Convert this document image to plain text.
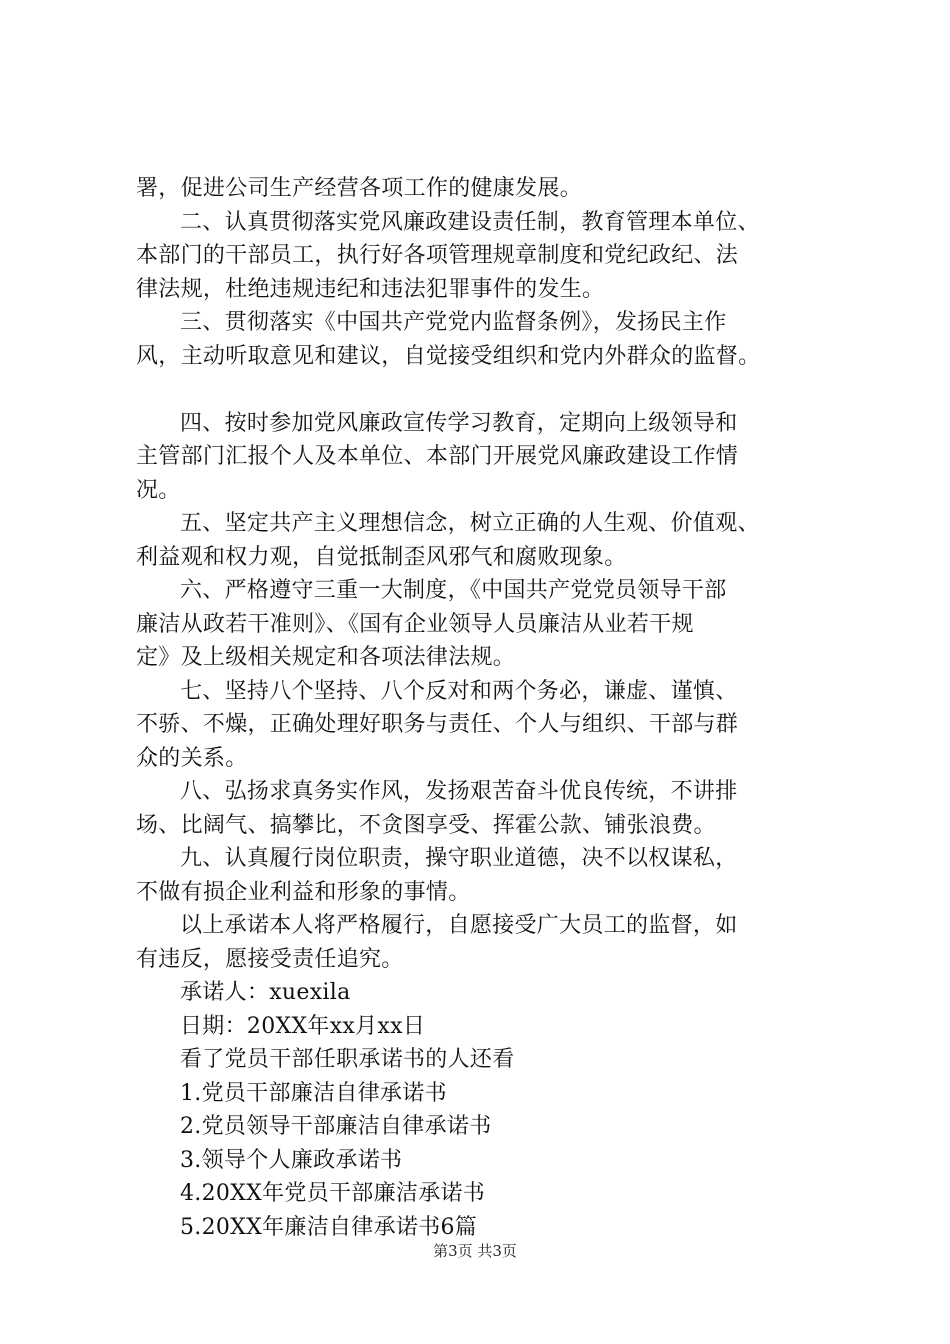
署，促进公司生产经营各项工作的健康发展。
二、认真贯彻落实党风廉政建设责任制，教育管理本单位、
本部门的干部员工，执行好各项管理规章制度和党纪政纪、法
律法规，杜绝违规违纪和违法犯罪事件的发生。
三、贯彻落实《中国共产党党内监督条例》，发扬民主作
风，主动听取意见和建议，自觉接受组织和党内外群众的监督。
四、按时参加党风廉政宣传学习教育，定期向上级领导和
主管部门汇报个人及本单位、本部门开展党风廉政建设工作情
况。
五、坚定共产主义理想信念，树立正确的人生观、价值观、
利益观和权力观，自觉抵制歪风邪气和腐败现象。
六、严格遵守三重一大制度，《中国共产党党员领导干部
廉洁从政若干准则》、《国有企业领导人员廉洁从业若干规
定》及上级相关规定和各项法律法规。
七、坚持八个坚持、八个反对和两个务必，谦虚、谨慎、
不骄、不燥，正确处理好职务与责任、个人与组织、干部与群
众的关系。
八、弘扬求真务实作风，发扬艰苦奋斗优良传统，不讲排
场、比阔气、搞攀比，不贪图享受、挥霍公款、铺张浪费。
九、认真履行岗位职责，操守职业道德，决不以权谋私，
不做有损企业利益和形象的事情。
以上承诺本人将严格履行，自愿接受广大员工的监督，如
有违反，愿接受责任追究。
承诺人：xuexila
日期：20XX年xx月xx日
看了党员干部任职承诺书的人还看
1.党员干部廉洁自律承诺书
2.党员领导干部廉洁自律承诺书
3.领导个人廉政承诺书
4.20XX年党员干部廉洁承诺书
5.20XX年廉洁自律承诺书6篇
第3页 共3页
